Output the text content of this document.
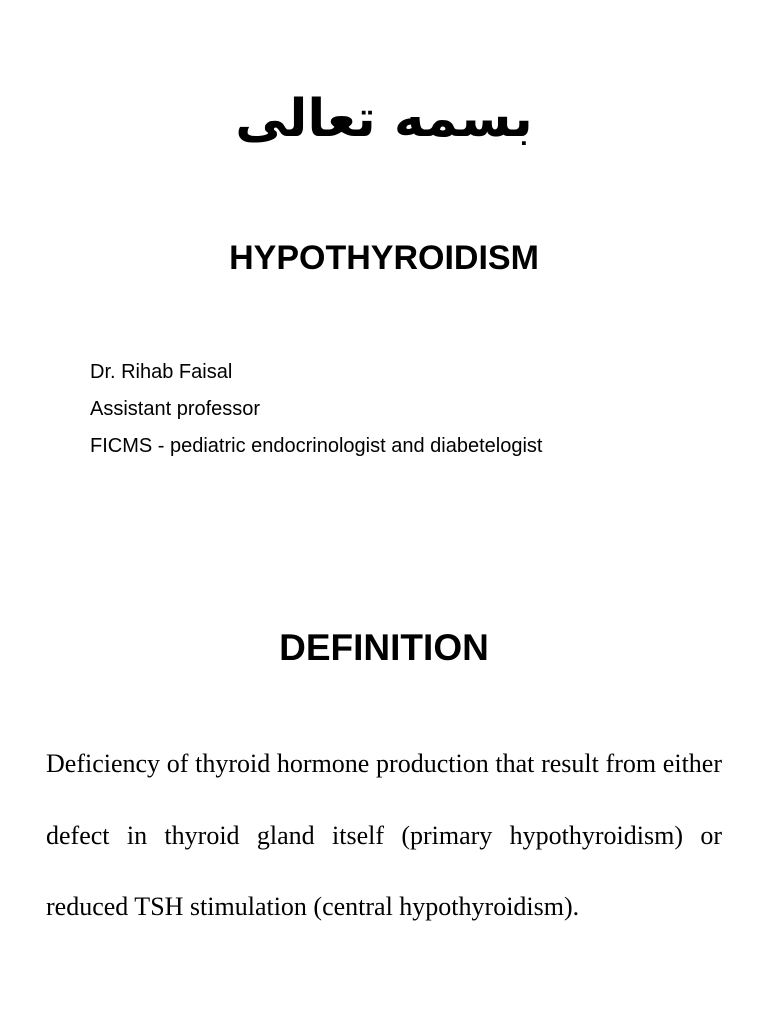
بسمه تعالى
HYPOTHYROIDISM
Dr. Rihab Faisal
Assistant professor
FICMS - pediatric endocrinologist and diabetelogist
DEFINITION

Deficiency of thyroid hormone production that result from either defect in thyroid gland itself (primary hypothyroidism) or reduced TSH stimulation (central hypothyroidism).
